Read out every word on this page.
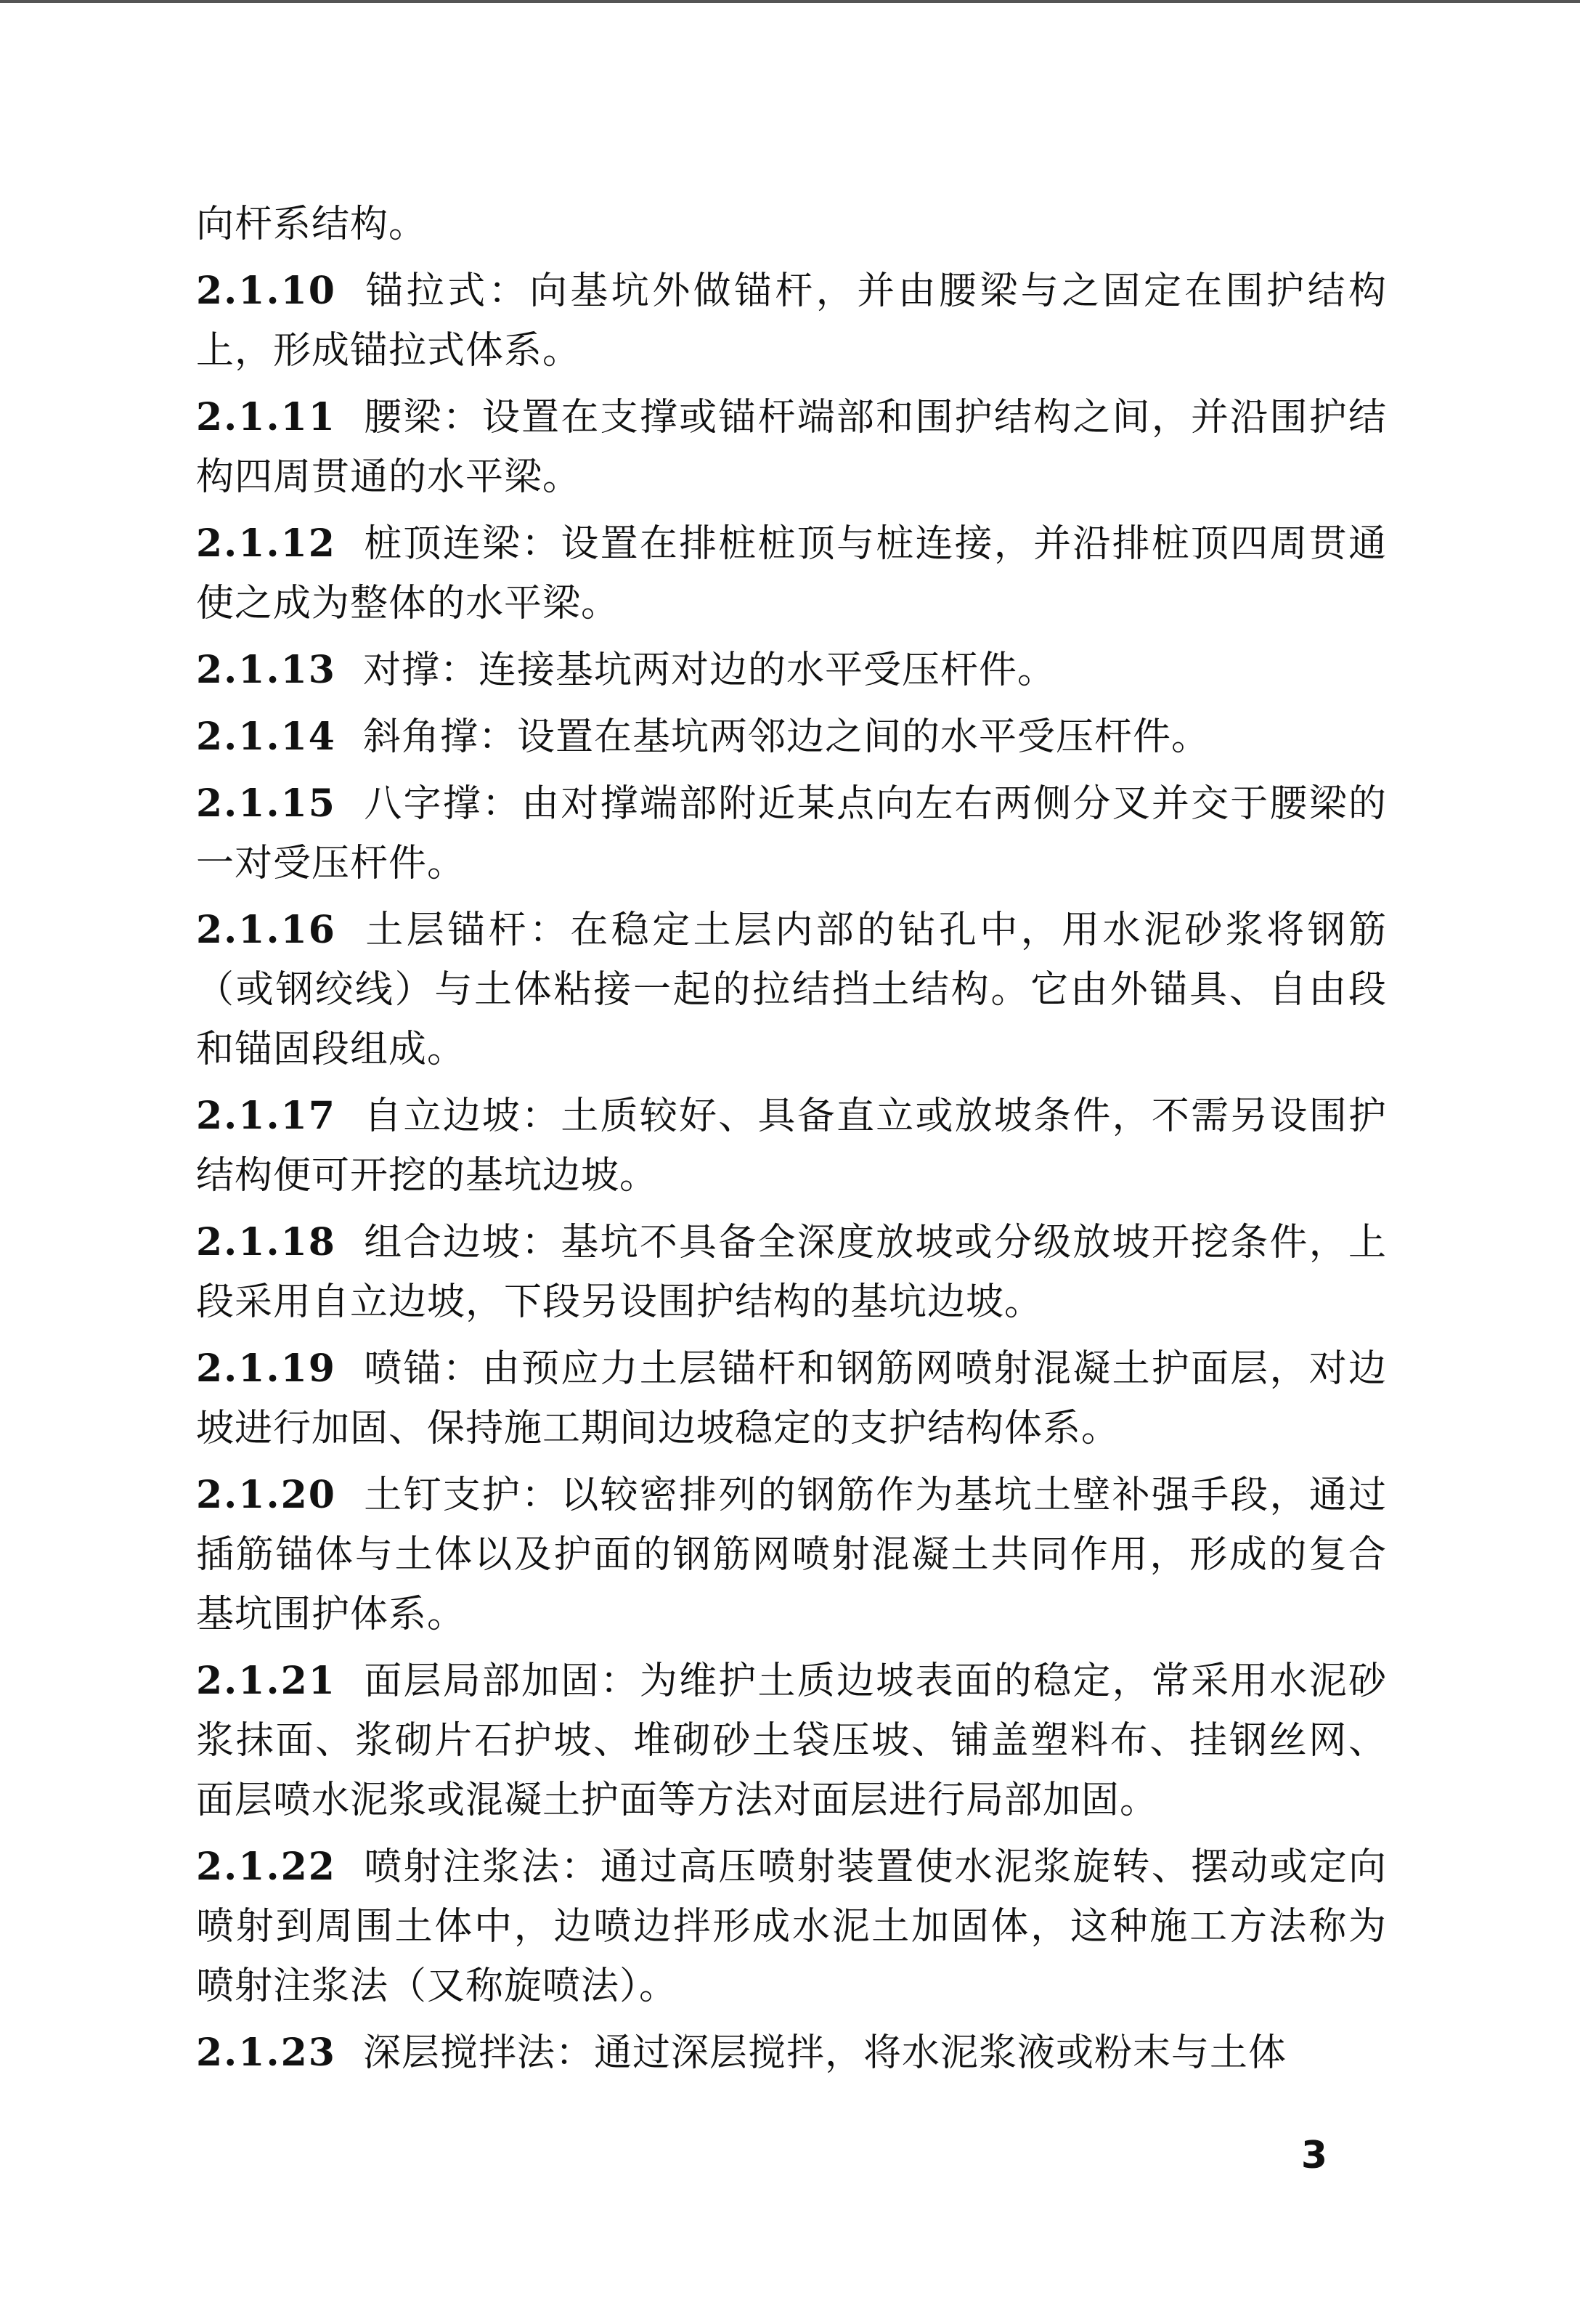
向杆系结构。

2.1.10 锚拉式：向基坑外做锚杆，并由腰梁与之固定在围护结构上，形成锚拉式体系。

2.1.11 腰梁：设置在支撑或锚杆端部和围护结构之间，并沿围护结构四周贯通的水平梁。

2.1.12 桩顶连梁：设置在排桩桩顶与桩连接，并沿排桩顶四周贯通使之成为整体的水平梁。

2.1.13 对撑：连接基坑两对边的水平受压杆件。

2.1.14 斜角撑：设置在基坑两邻边之间的水平受压杆件。

2.1.15 八字撑：由对撑端部附近某点向左右两侧分叉并交于腰梁的一对受压杆件。

2.1.16 土层锚杆：在稳定土层内部的钻孔中，用水泥砂浆将钢筋（或钢绞线）与土体粘接一起的拉结挡土结构。它由外锚具、自由段和锚固段组成。

2.1.17 自立边坡：土质较好、具备直立或放坡条件，不需另设围护结构便可开挖的基坑边坡。

2.1.18 组合边坡：基坑不具备全深度放坡或分级放坡开挖条件，上段采用自立边坡，下段另设围护结构的基坑边坡。

2.1.19 喷锚：由预应力土层锚杆和钢筋网喷射混凝土护面层，对边坡进行加固、保持施工期间边坡稳定的支护结构体系。

2.1.20 土钉支护：以较密排列的钢筋作为基坑土壁补强手段，通过插筋锚体与土体以及护面的钢筋网喷射混凝土共同作用，形成的复合基坑围护体系。

2.1.21 面层局部加固：为维护土质边坡表面的稳定，常采用水泥砂浆抹面、浆砌片石护坡、堆砌砂土袋压坡、铺盖塑料布、挂钢丝网、面层喷水泥浆或混凝土护面等方法对面层进行局部加固。

2.1.22 喷射注浆法：通过高压喷射装置使水泥浆旋转、摆动或定向喷射到周围土体中，边喷边拌形成水泥土加固体，这种施工方法称为喷射注浆法（又称旋喷法）。

2.1.23 深层搅拌法：通过深层搅拌，将水泥浆液或粉末与土体

3
